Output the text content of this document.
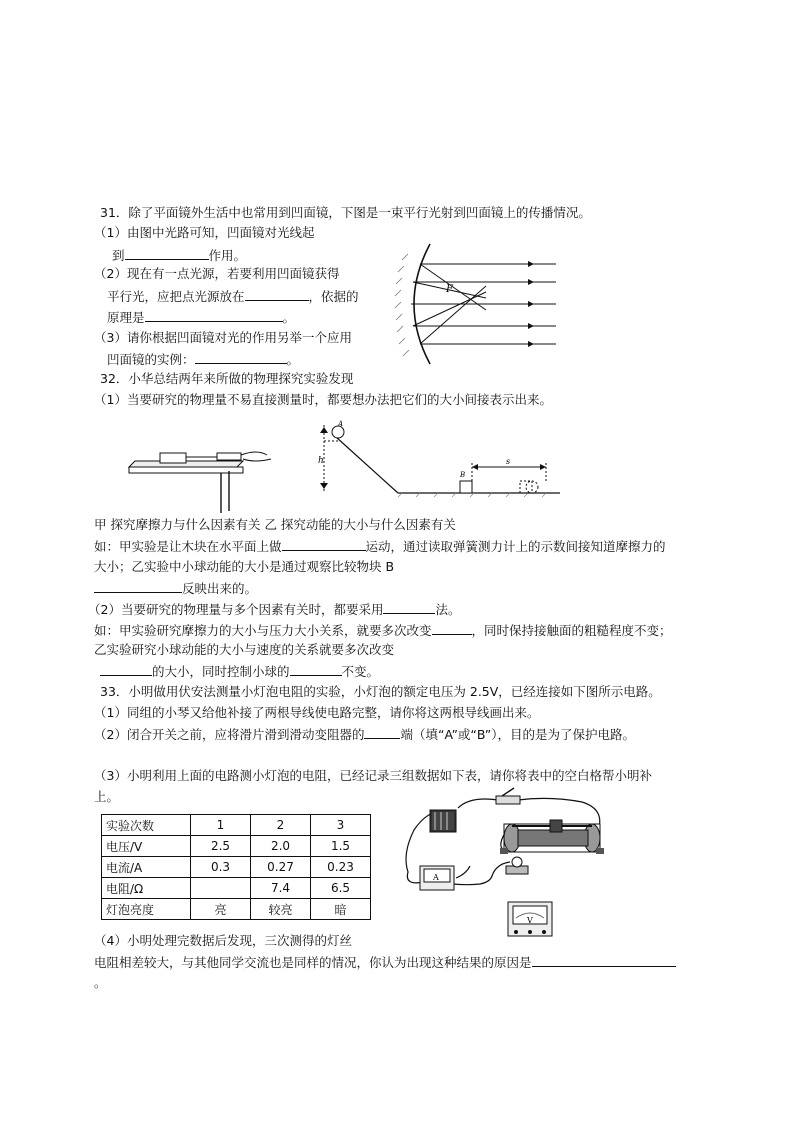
31．除了平面镜外生活中也常用到凹面镜，下图是一束平行光射到凹面镜上的传播情况。
（1）由图中光路可知，凹面镜对光线起
到	作用。
（2）现在有一点光源，若要利用凹面镜获得
平行光，应把点光源放在	，依据的
原理是	。
（3）请你根据凹面镜对光的作用另举一个应用
凹面镜的实例：	。
F
32．小华总结两年来所做的物理探究实验发现
（1）当要研究的物理量不易直接测量时，都要想办法把它们的大小间接表示出来。
h
A
B
s
甲 探究摩擦力与什么因素有关 乙 探究动能的大小与什么因素有关
如：甲实验是让木块在水平面上做	运动，通过读取弹簧测力计上的示数间接知道摩擦力的
大小；乙实验中小球动能的大小是通过观察比较物块 B
反映出来的。
（2）当要研究的物理量与多个因素有关时，都要采用	法。
如：甲实验研究摩擦力的大小与压力大小关系，就要多次改变	，同时保持接触面的粗糙程度不变；
乙实验研究小球动能的大小与速度的关系就要多次改变
的大小，同时控制小球的	不变。
33．小明做用伏安法测量小灯泡电阻的实验，小灯泡的额定电压为 2.5V，已经连接如下图所示电路。
（1）同组的小琴又给他补接了两根导线使电路完整，请你将这两根导线画出来。
（2）闭合开关之前，应将滑片滑到滑动变阻器的	端（填“A”或“B”），目的是为了保护电路。
（3）小明利用上面的电路测小灯泡的电阻，已经记录三组数据如下表，请你将表中的空白格帮小明补
上。
实验次数	1	2	3
电压/V	2.5	2.0	1.5
电流/A	0.3	0.27	0.23
电阻/Ω		7.4	6.5
灯泡亮度	亮	较亮	暗
A
V
（4）小明处理完数据后发现，三次测得的灯丝
电阻相差较大，与其他同学交流也是同样的情况，你认为出现这种结果的原因是
。
